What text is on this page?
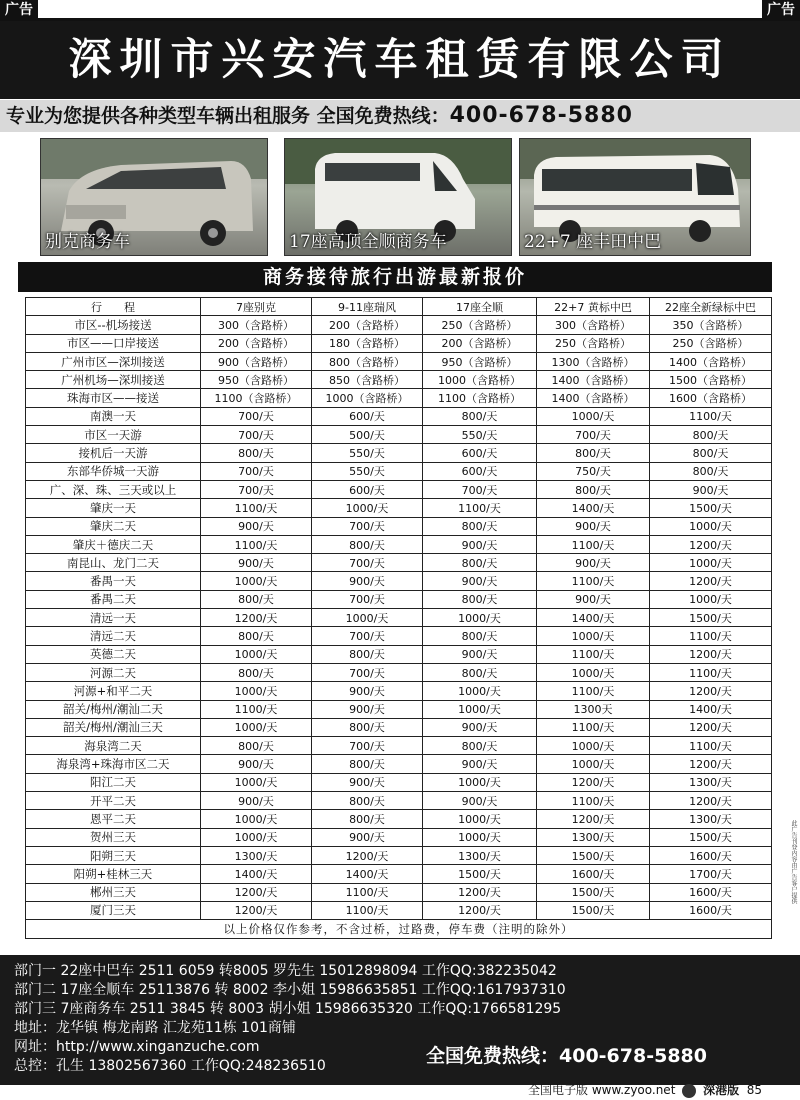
广告	广告
深圳市兴安汽车租赁有限公司
专业为您提供各种类型车辆出租服务 全国免费热线：400-678-5880
别克商务车	17座高顶全顺商务车	22+7 座丰田中巴
商务接待旅行出游最新报价
行　　程	7座别克	9-11座瑞风	17座全顺	22+7 黄标中巴	22座全新绿标中巴
市区--机场接送	300（含路桥）	200（含路桥）	250（含路桥）	300（含路桥）	350（含路桥）
市区——口岸接送	200（含路桥）	180（含路桥）	200（含路桥）	250（含路桥）	250（含路桥）
广州市区—深圳接送	900（含路桥）	800（含路桥）	950（含路桥）	1300（含路桥）	1400（含路桥）
广州机场—深圳接送	950（含路桥）	850（含路桥）	1000（含路桥）	1400（含路桥）	1500（含路桥）
珠海市区——接送	1100（含路桥）	1000（含路桥）	1100（含路桥）	1400（含路桥）	1600（含路桥）
南澳一天	700/天	600/天	800/天	1000/天	1100/天
市区一天游	700/天	500/天	550/天	700/天	800/天
接机后一天游	800/天	550/天	600/天	800/天	800/天
东部华侨城一天游	700/天	550/天	600/天	750/天	800/天
广、深、珠、三天或以上	700/天	600/天	700/天	800/天	900/天
肇庆一天	1100/天	1000/天	1100/天	1400/天	1500/天
肇庆二天	900/天	700/天	800/天	900/天	1000/天
肇庆＋德庆二天	1100/天	800/天	900/天	1100/天	1200/天
南昆山、龙门二天	900/天	700/天	800/天	900/天	1000/天
番禺一天	1000/天	900/天	900/天	1100/天	1200/天
番禺二天	800/天	700/天	800/天	900/天	1000/天
清远一天	1200/天	1000/天	1000/天	1400/天	1500/天
清远二天	800/天	700/天	800/天	1000/天	1100/天
英德二天	1000/天	800/天	900/天	1100/天	1200/天
河源二天	800/天	700/天	800/天	1000/天	1100/天
河源+和平二天	1000/天	900/天	1000/天	1100/天	1200/天
韶关/梅州/潮汕二天	1100/天	900/天	1000/天	1300天	1400/天
韶关/梅州/潮汕三天	1000/天	800/天	900/天	1100/天	1200/天
海泉湾二天	800/天	700/天	800/天	1000/天	1100/天
海泉湾+珠海市区二天	900/天	800/天	900/天	1000/天	1200/天
阳江二天	1000/天	900/天	1000/天	1200/天	1300/天
开平二天	900/天	800/天	900/天	1100/天	1200/天
恩平二天	1000/天	800/天	1000/天	1200/天	1300/天
贺州三天	1000/天	900/天	1000/天	1300/天	1500/天
阳朔三天	1300/天	1200/天	1300/天	1500/天	1600/天
阳朔+桂林三天	1400/天	1400/天	1500/天	1600/天	1700/天
郴州三天	1200/天	1100/天	1200/天	1500/天	1600/天
厦门三天	1200/天	1100/天	1200/天	1500/天	1600/天
以上价格仅作参考，不含过桥，过路费，停车费（注明的除外）					
部门一 22座中巴车 2511 6059 转8005 罗先生 15012898094 工作QQ:382235042
部门二 17座全顺车 25113876 转 8002 李小姐 15986635851 工作QQ:1617937310
部门三 7座商务车 2511 3845 转 8003 胡小姐 15986635320 工作QQ:1766581295
地址：龙华镇 梅龙南路 汇龙苑11栋 101商铺
网址：http://www.xinganzuche.com
总控：孔生 13802567360 工作QQ:248236510	全国免费热线：400-678-5880
此广告刊登内容由广告客户提供
全国电子版 www.zyoo.net 深港版 85
